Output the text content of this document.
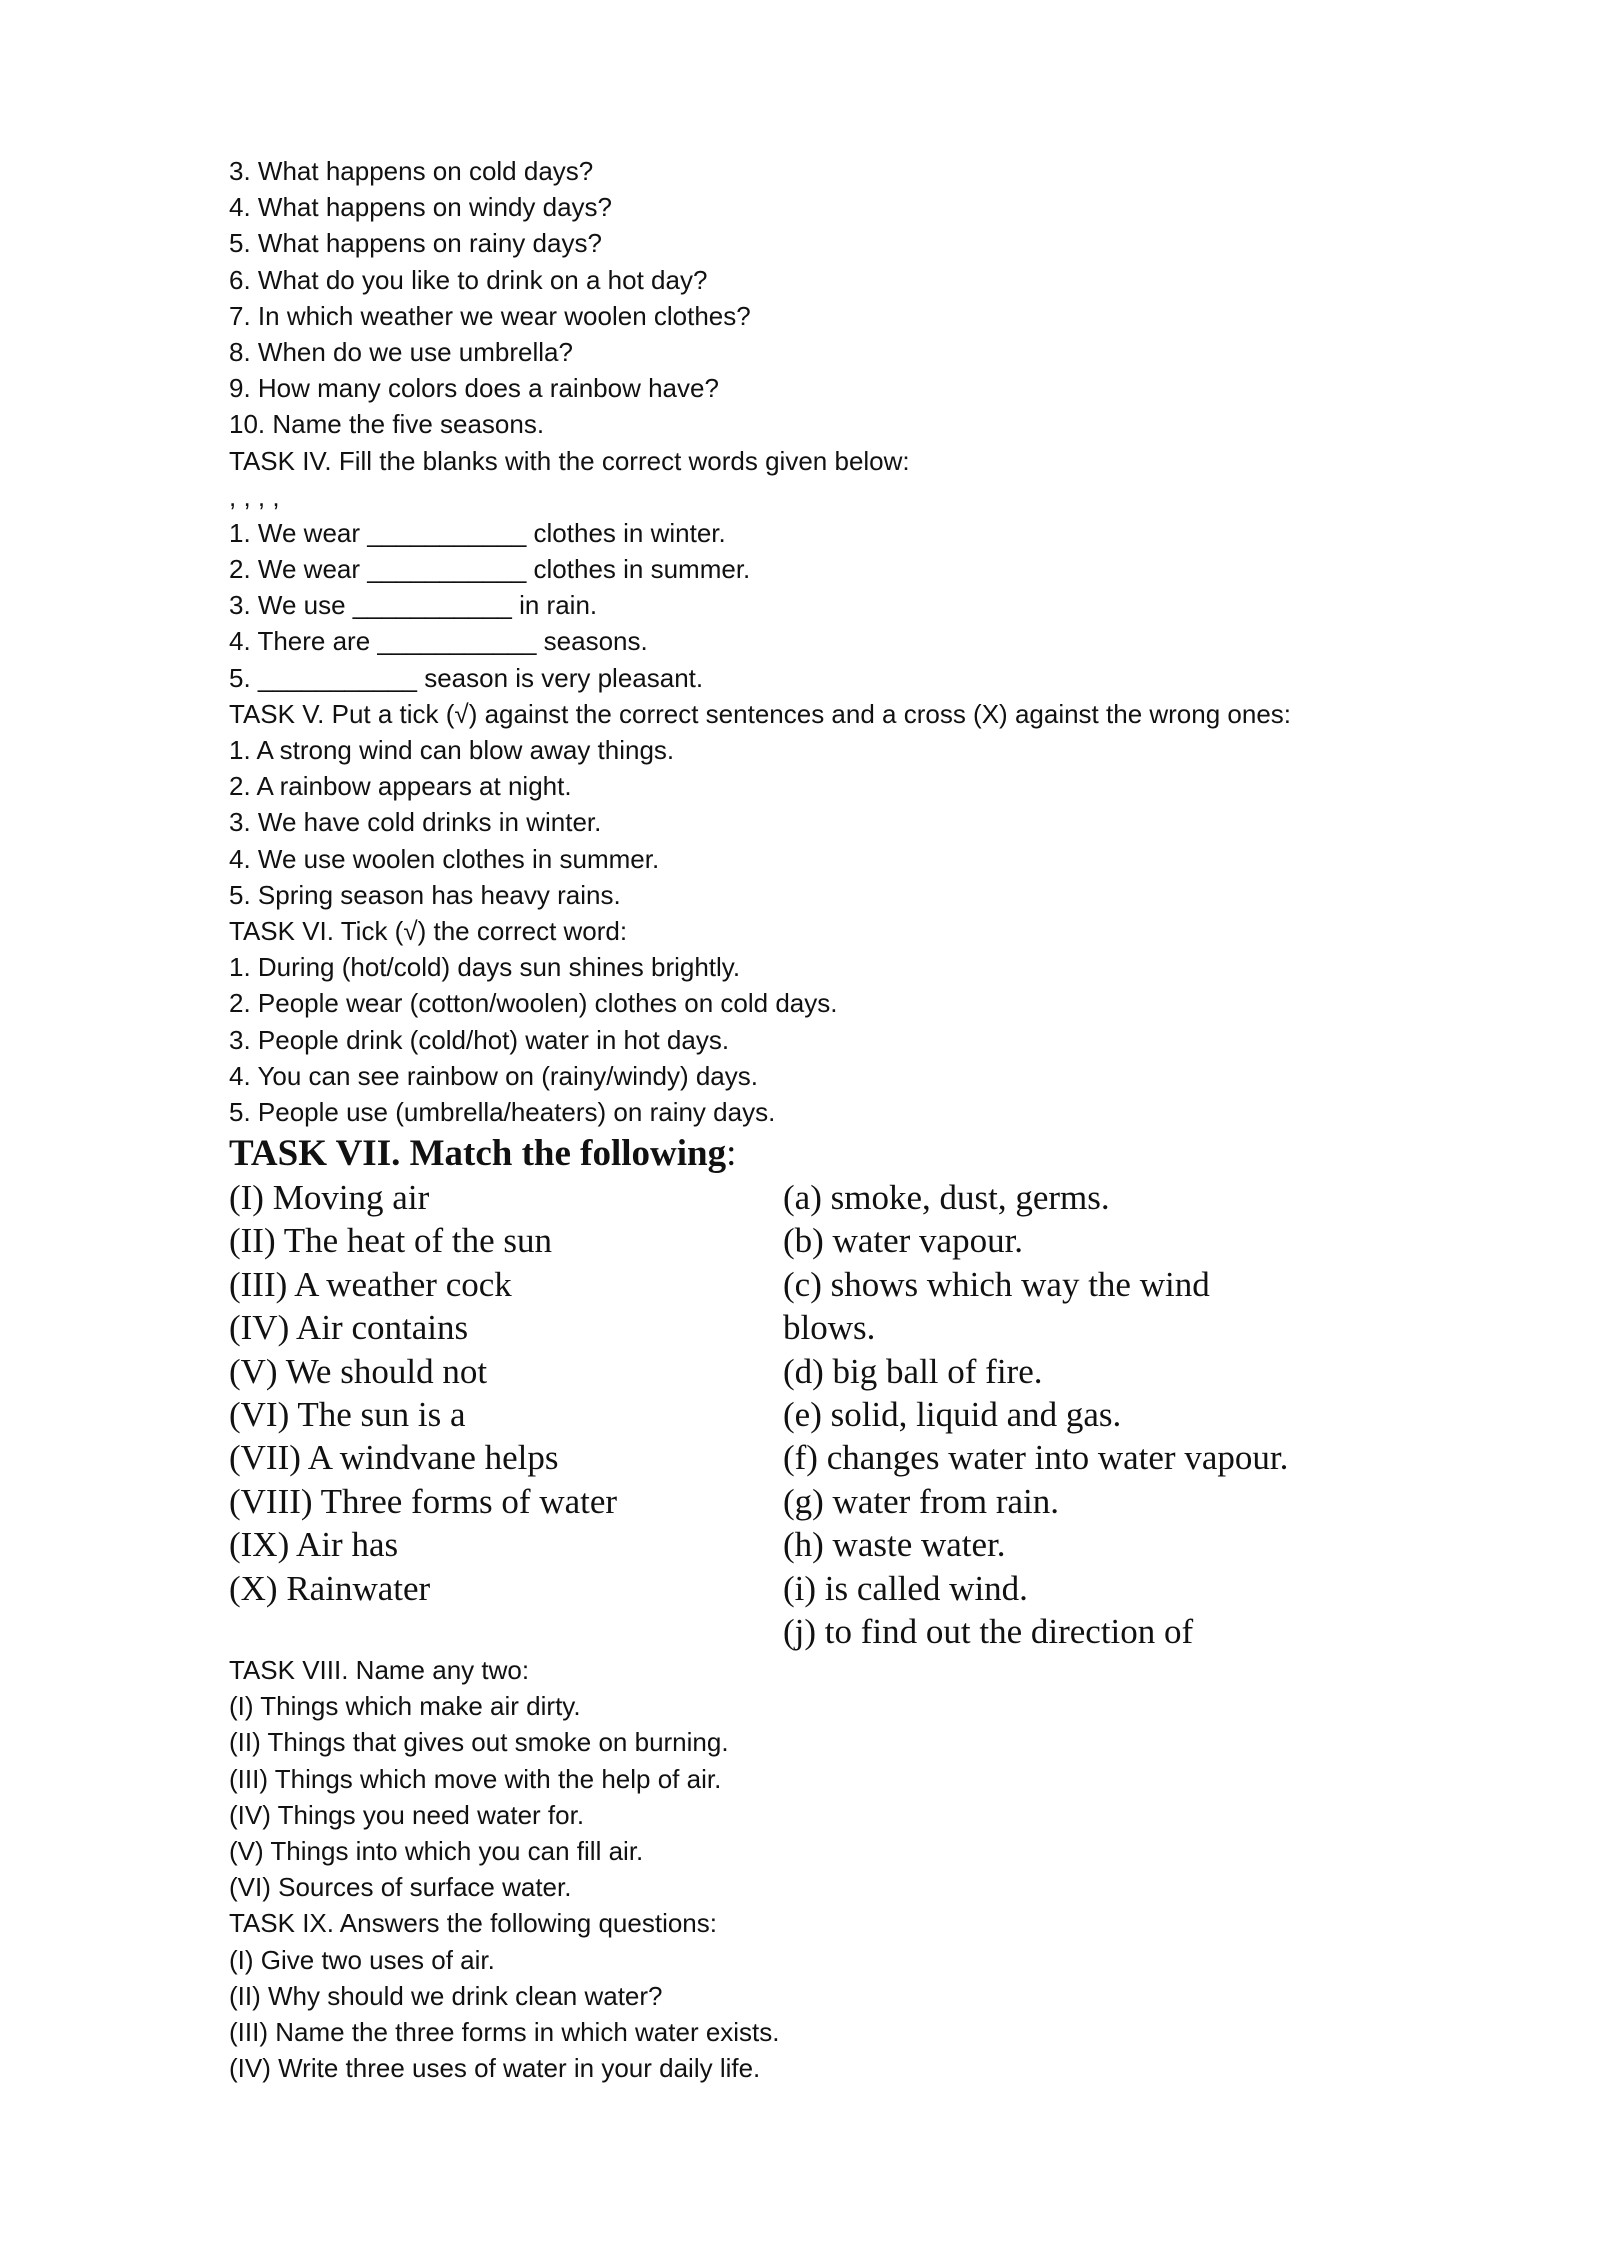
3. What happens on cold days?
4. What happens on windy days?
5. What happens on rainy days?
6. What do you like to drink on a hot day?
7. In which weather we wear woolen clothes?
8. When do we use umbrella?
9. How many colors does a rainbow have?
10. Name the five seasons.
TASK IV. Fill the blanks with the correct words given below:
, , , ,
1. We wear ___________ clothes in winter.
2. We wear ___________ clothes in summer.
3. We use ___________ in rain.
4. There are ___________ seasons.
5. ___________ season is very pleasant.
TASK V. Put a tick (√) against the correct sentences and a cross (X) against the wrong ones:
1. A strong wind can blow away things.
2. A rainbow appears at night.
3. We have cold drinks in winter.
4. We use woolen clothes in summer.
5. Spring season has heavy rains.
TASK VI. Tick (√) the correct word:
1. During (hot/cold) days sun shines brightly.
2. People wear (cotton/woolen) clothes on cold days.
3. People drink (cold/hot) water in hot days.
4. You can see rainbow on (rainy/windy) days.
5. People use (umbrella/heaters) on rainy days.
TASK VII. Match the following:
(I) Moving air
(II) The heat of the sun
(III) A weather cock
(IV) Air contains
(V) We should not
(VI) The sun is a
(VII) A windvane helps
(VIII) Three forms of water
(IX) Air has
(X) Rainwater
(a) smoke, dust, germs.
(b) water vapour.
(c) shows which way the wind
blows.
(d) big ball of fire.
(e) solid, liquid and gas.
(f) changes water into water vapour.
(g) water from rain.
(h) waste water.
(i) is called wind.
(j) to find out the direction of
TASK VIII. Name any two:
(I) Things which make air dirty.
(II) Things that gives out smoke on burning.
(III) Things which move with the help of air.
(IV) Things you need water for.
(V) Things into which you can fill air.
(VI) Sources of surface water.
TASK IX. Answers the following questions:
(I) Give two uses of air.
(II) Why should we drink clean water?
(III) Name the three forms in which water exists.
(IV) Write three uses of water in your daily life.
